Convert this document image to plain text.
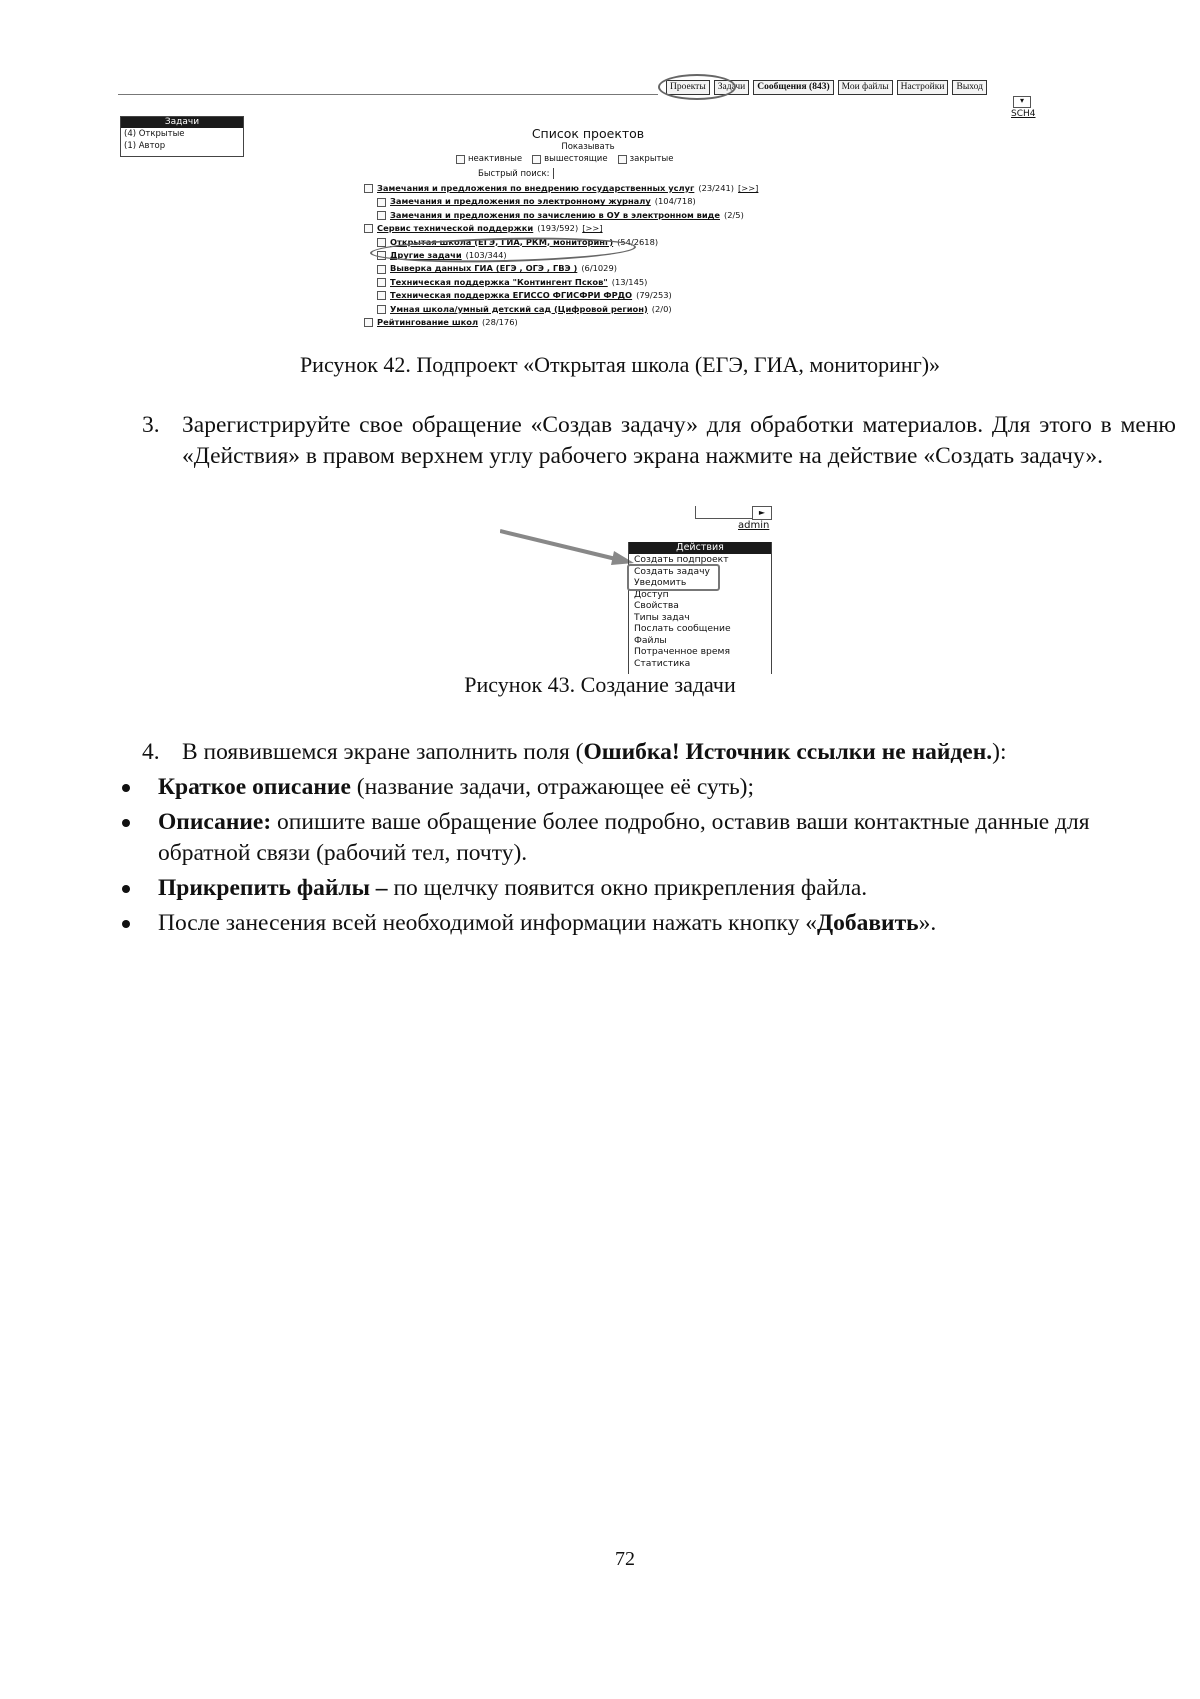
Проекты	Задачи	Сообщения (843)	Мои файлы	Настройки	Выход
▾
SCH4
Задачи
(4) Открытые
(1) Автор
Список проектов
Показывать
неактивные	вышестоящие	закрытые
Быстрый поиск:
Замечания и предложения по внедрению государственных услуг (23/241) [>>]
Замечания и предложения по электронному журналу (104/718)
Замечания и предложения по зачислению в ОУ в электронном виде (2/5)
Сервис технической поддержки (193/592) [>>]
Открытая школа (ЕГЭ, ГИА, РКМ, мониторинг) (54/2618)
Другие задачи (103/344)
Выверка данных ГИА (ЕГЭ , ОГЭ , ГВЭ ) (6/1029)
Техническая поддержка "Контингент Псков" (13/145)
Техническая поддержка ЕГИССО ФГИСФРИ ФРДО (79/253)
Умная школа/умный детский сад (Цифровой регион) (2/0)
Рейтингование школ (28/176)
Рисунок 42. Подпроект «Открытая школа (ЕГЭ, ГИА, мониторинг)»
3. Зарегистрируйте свое обращение «Создав задачу» для обработки материалов. Для этого в меню «Действия» в правом верхнем углу рабочего экрана нажмите на действие «Создать задачу».
►
admin
Действия
Создать подпроект
Создать задачу
Уведомить
Доступ
Свойства
Типы задач
Послать сообщение
Файлы
Потраченное время
Статистика
Рисунок 43. Создание задачи
4. В появившемся экране заполнить поля (Ошибка! Источник ссылки не найден.):
Краткое описание (название задачи, отражающее её суть);
Описание: опишите ваше обращение более подробно, оставив ваши контактные данные для обратной связи (рабочий тел, почту).
Прикрепить файлы – по щелчку появится окно прикрепления файла.
После занесения всей необходимой информации нажать кнопку «Добавить».
72
